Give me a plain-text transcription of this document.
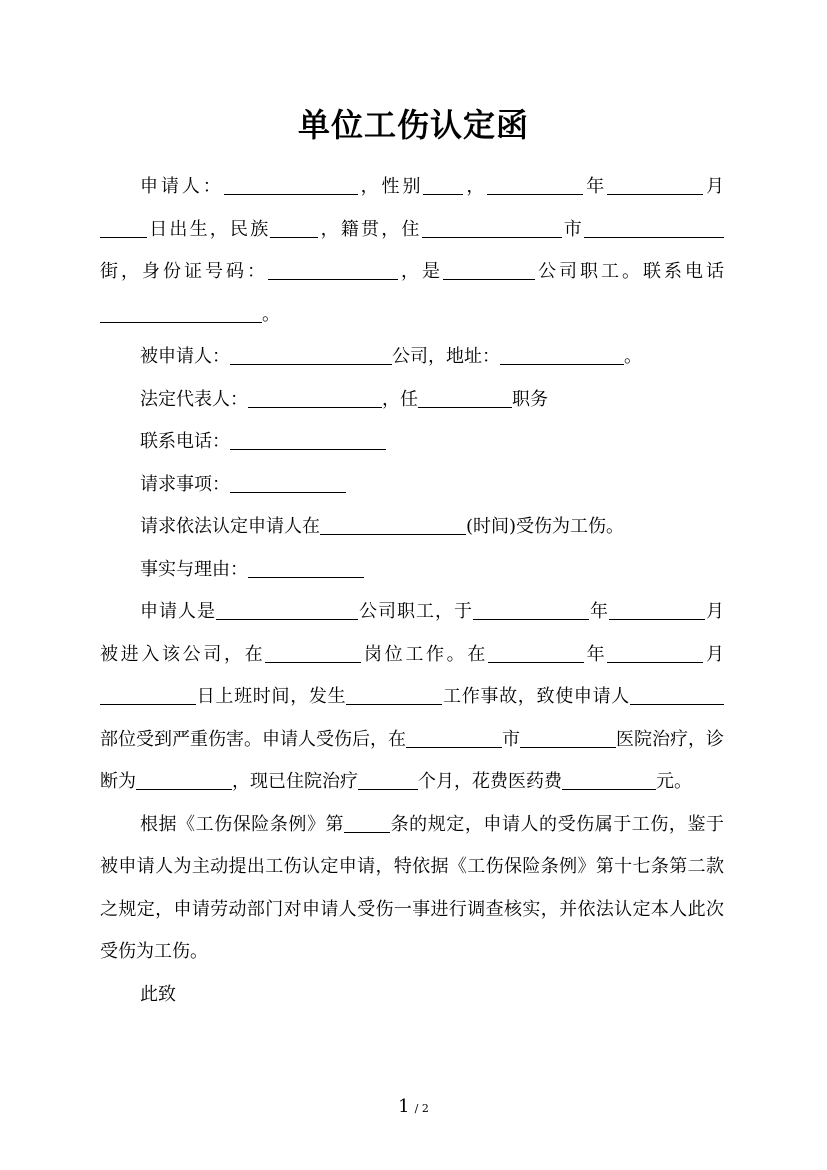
单位工伤认定函

申请人：	，性别 ，	年	月日出生，民族	，籍贯，住	市街，身份证号码：	，是	公司职工。联系电话。

被申请人：	公司，地址：	。

法定代表人：	，任	职务

联系电话：

请求事项：

请求依法认定申请人在	(时间)受伤为工伤。

事实与理由：

申请人是	公司职工，于	年	月被进入该公司，在	岗位工作。在	年	月日上班时间，发生	工作事故，致使申请人部位受到严重伤害。申请人受伤后，在	市	医院治疗，诊断为	，现已住院治疗	个月，花费医药费	元。

根据《工伤保险条例》第	条的规定，申请人的受伤属于工伤，鉴于被申请人为主动提出工伤认定申请，特依据《工伤保险条例》第十七条第二款之规定，申请劳动部门对申请人受伤一事进行调查核实，并依法认定本人此次受伤为工伤。

此致

1 / 2
